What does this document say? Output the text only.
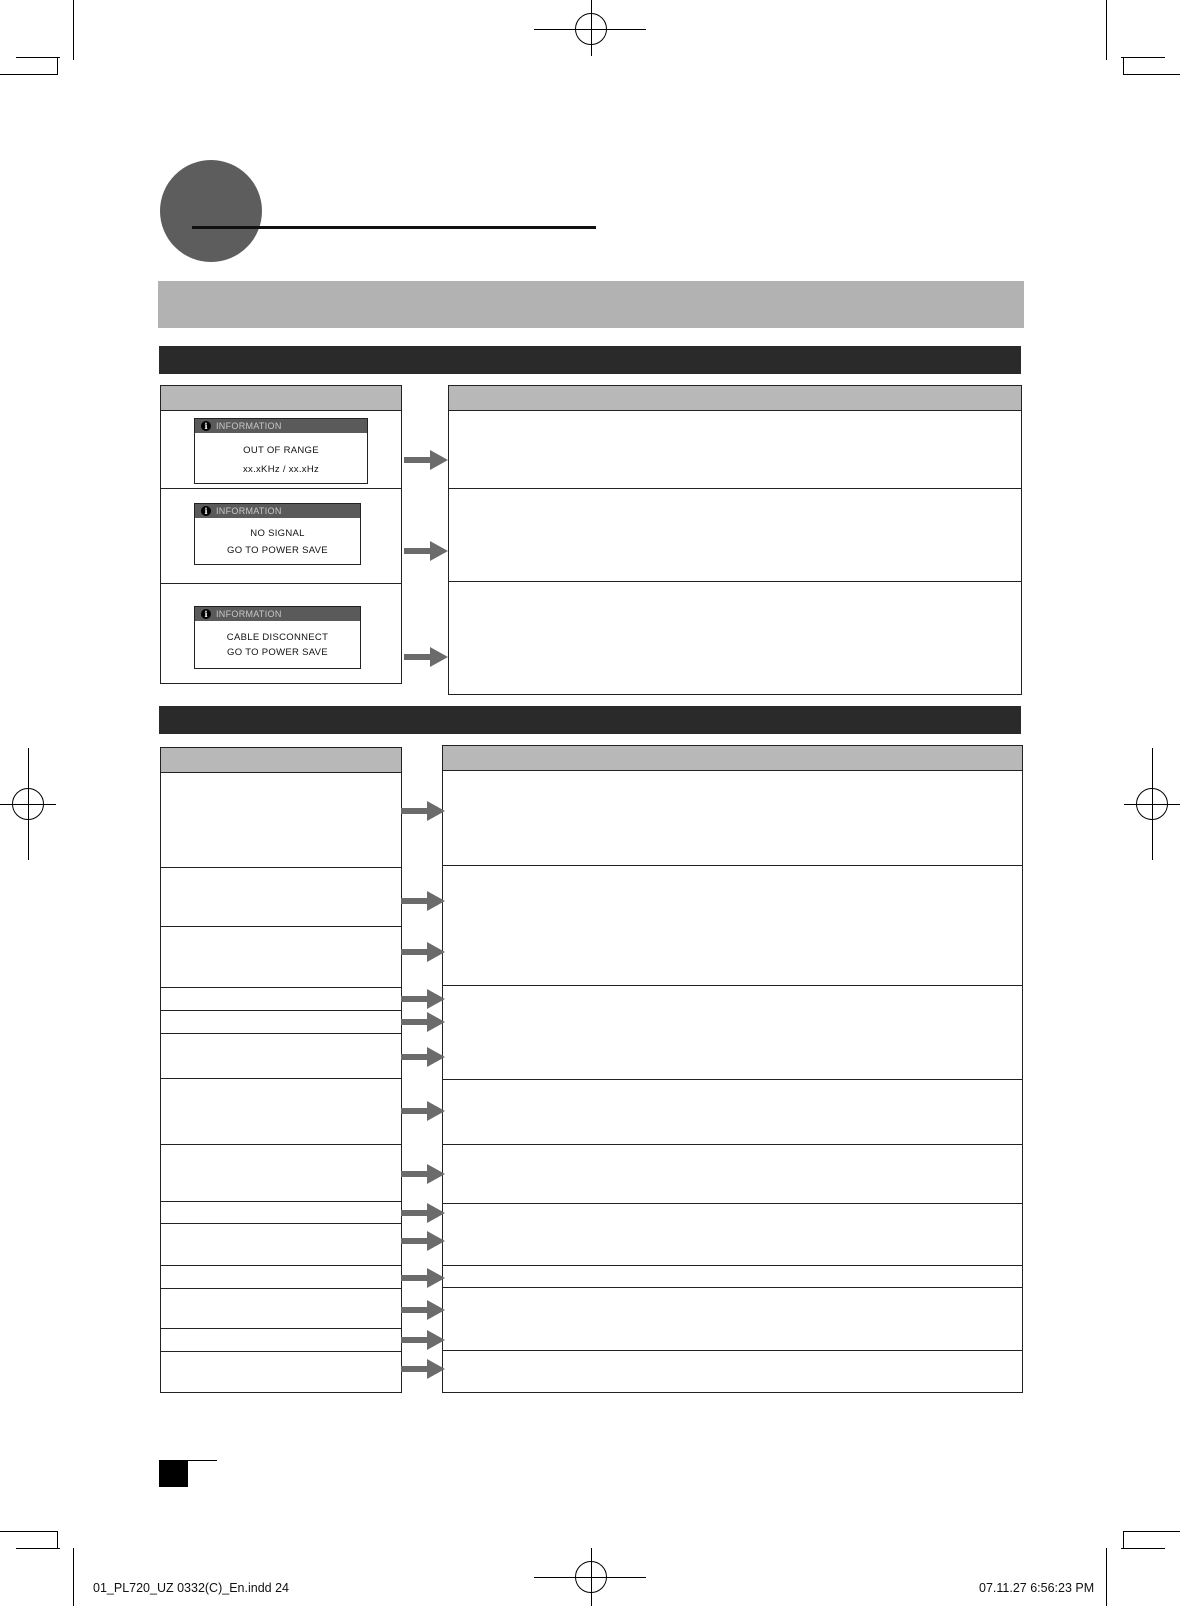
i INFORMATION
OUT OF RANGE
xx.xKHz / xx.xHz
i INFORMATION
NO SIGNAL
GO TO POWER SAVE
i INFORMATION
CABLE DISCONNECT
GO TO POWER SAVE
01_PL720_UZ 0332(C)_En.indd 24	07.11.27 6:56:23 PM
